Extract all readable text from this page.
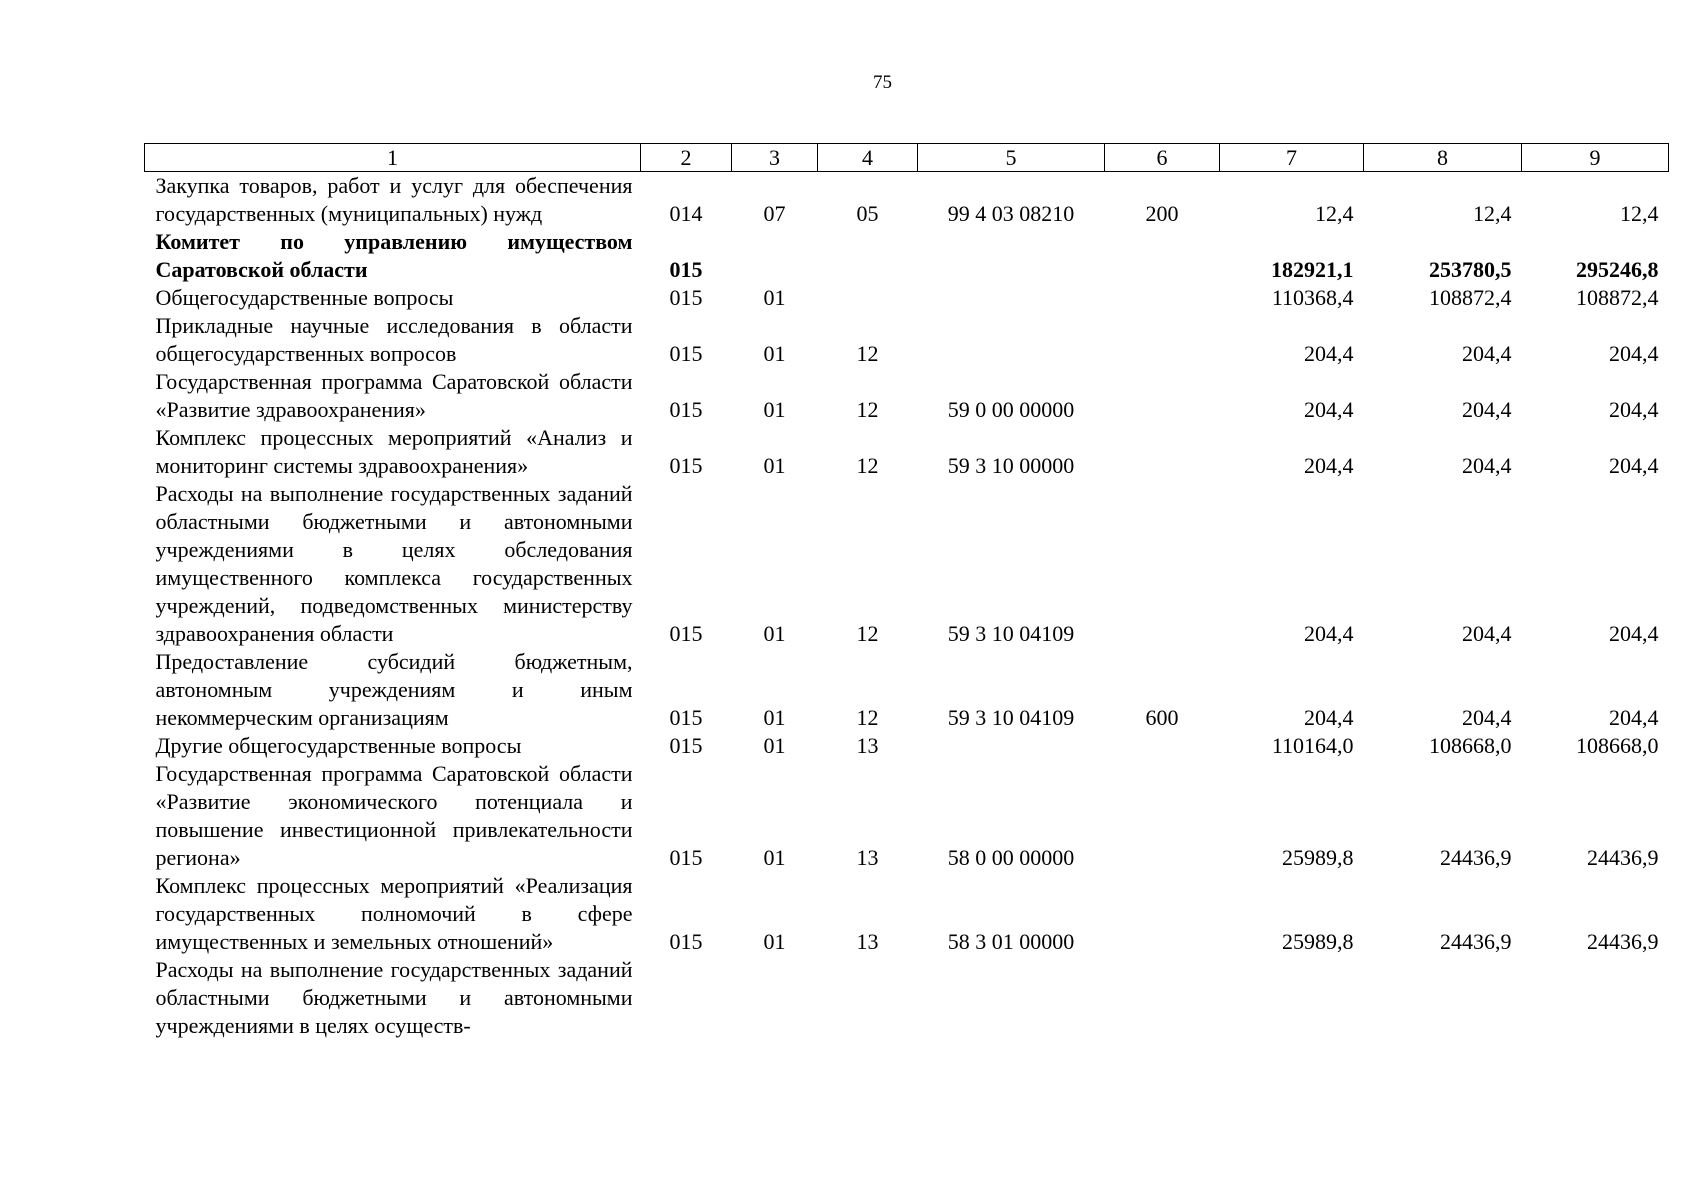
75
1	2	3	4	5	6	7	8	9
Закупка товаров, работ и услуг для обеспечения государственных (муниципальных) нужд	014	07	05	99 4 03 08210	200	12,4	12,4	12,4
Комитет по управлению имуществом Саратовской области	015					182921,1	253780,5	295246,8
Общегосударственные вопросы	015	01				110368,4	108872,4	108872,4
Прикладные научные исследования в области общегосударственных вопросов	015	01	12			204,4	204,4	204,4
Государственная программа Саратовской области «Развитие здравоохранения»	015	01	12	59 0 00 00000		204,4	204,4	204,4
Комплекс процессных мероприятий «Анализ и мониторинг системы здравоохранения»	015	01	12	59 3 10 00000		204,4	204,4	204,4
Расходы на выполнение государственных заданий областными бюджетными и автономными учреждениями в целях обследования имущественного комплекса государственных учреждений, подведомственных министерству здравоохранения области	015	01	12	59 3 10 04109		204,4	204,4	204,4
Предоставление субсидий бюджетным, автономным учреждениям и иным некоммерческим организациям	015	01	12	59 3 10 04109	600	204,4	204,4	204,4
Другие общегосударственные вопросы	015	01	13			110164,0	108668,0	108668,0
Государственная программа Саратовской области «Развитие экономического потенциала и повышение инвестиционной привлекательности региона»	015	01	13	58 0 00 00000		25989,8	24436,9	24436,9
Комплекс процессных мероприятий «Реализация государственных полномочий в сфере имущественных и земельных отношений»	015	01	13	58 3 01 00000		25989,8	24436,9	24436,9
Расходы на выполнение государственных заданий областными бюджетными и автономными учреждениями в целях осуществ-								
